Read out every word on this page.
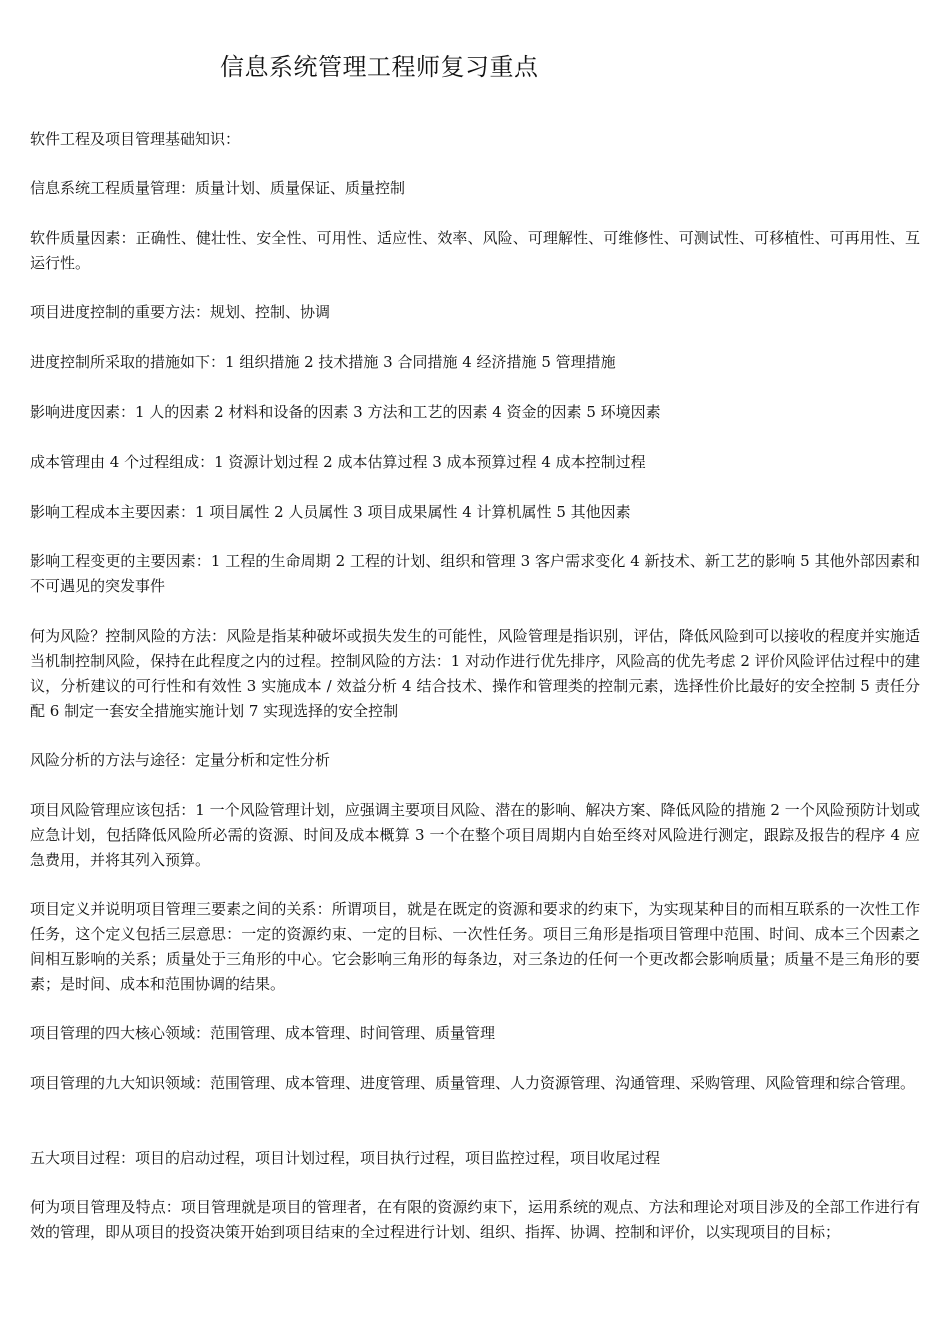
信息系统管理工程师复习重点
软件工程及项目管理基础知识：
信息系统工程质量管理：质量计划、质量保证、质量控制
软件质量因素：正确性、健壮性、安全性、可用性、适应性、效率、风险、可理解性、可维修性、可测试性、可移植性、可再用性、互运行性。
项目进度控制的重要方法：规划、控制、协调
进度控制所采取的措施如下：1 组织措施 2 技术措施 3 合同措施 4 经济措施 5 管理措施
影响进度因素：1 人的因素 2 材料和设备的因素 3 方法和工艺的因素 4 资金的因素 5 环境因素
成本管理由 4 个过程组成：1 资源计划过程 2 成本估算过程 3 成本预算过程 4 成本控制过程
影响工程成本主要因素：1 项目属性 2 人员属性 3 项目成果属性 4 计算机属性 5 其他因素
影响工程变更的主要因素：1 工程的生命周期 2 工程的计划、组织和管理 3 客户需求变化 4 新技术、新工艺的影响 5 其他外部因素和不可遇见的突发事件
何为风险？控制风险的方法：风险是指某种破坏或损失发生的可能性，风险管理是指识别，评估，降低风险到可以接收的程度并实施适当机制控制风险，保持在此程度之内的过程。控制风险的方法：1 对动作进行优先排序，风险高的优先考虑 2 评价风险评估过程中的建议，分析建议的可行性和有效性 3 实施成本 / 效益分析 4 结合技术、操作和管理类的控制元素，选择性价比最好的安全控制 5 责任分配 6 制定一套安全措施实施计划 7 实现选择的安全控制
风险分析的方法与途径：定量分析和定性分析
项目风险管理应该包括：1 一个风险管理计划，应强调主要项目风险、潜在的影响、解决方案、降低风险的措施 2 一个风险预防计划或应急计划，包括降低风险所必需的资源、时间及成本概算 3 一个在整个项目周期内自始至终对风险进行测定，跟踪及报告的程序 4 应急费用，并将其列入预算。
项目定义并说明项目管理三要素之间的关系：所谓项目，就是在既定的资源和要求的约束下，为实现某种目的而相互联系的一次性工作任务，这个定义包括三层意思：一定的资源约束、一定的目标、一次性任务。项目三角形是指项目管理中范围、时间、成本三个因素之间相互影响的关系；质量处于三角形的中心。它会影响三角形的每条边，对三条边的任何一个更改都会影响质量；质量不是三角形的要素；是时间、成本和范围协调的结果。
项目管理的四大核心领域：范围管理、成本管理、时间管理、质量管理
项目管理的九大知识领域：范围管理、成本管理、进度管理、质量管理、人力资源管理、沟通管理、采购管理、风险管理和综合管理。
五大项目过程：项目的启动过程，项目计划过程，项目执行过程，项目监控过程，项目收尾过程
何为项目管理及特点：项目管理就是项目的管理者，在有限的资源约束下，运用系统的观点、方法和理论对项目涉及的全部工作进行有效的管理，即从项目的投资决策开始到项目结束的全过程进行计划、组织、指挥、协调、控制和评价，以实现项目的目标；
